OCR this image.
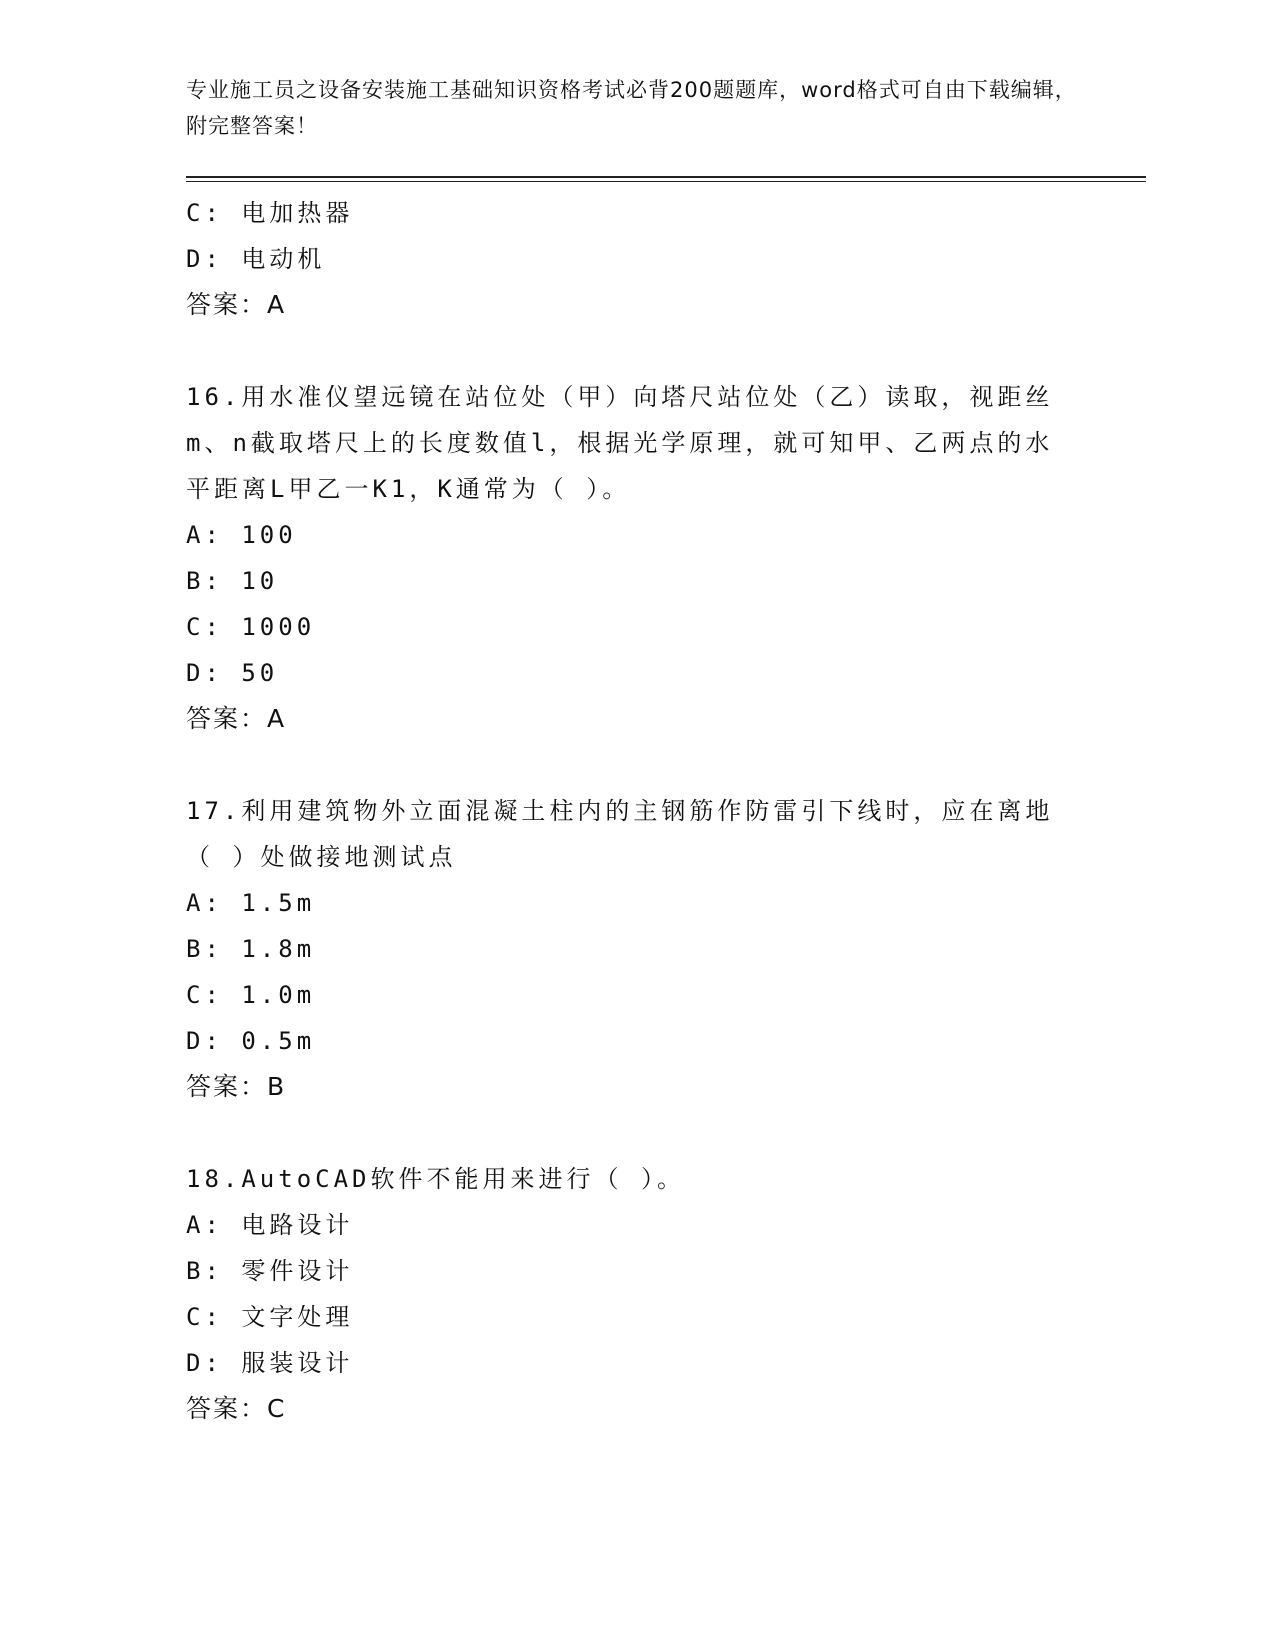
专业施工员之设备安装施工基础知识资格考试必背200题题库，word格式可自由下载编辑，附完整答案！

C: 电加热器

D: 电动机

答案：A

16.用水准仪望远镜在站位处（甲）向塔尺站位处（乙）读取，视距丝m、n截取塔尺上的长度数值l，根据光学原理，就可知甲、乙两点的水平距离L甲乙一K1，K通常为（ ）。

A: 100

B: 10

C: 1000

D: 50

答案：A

17.利用建筑物外立面混凝土柱内的主钢筋作防雷引下线时，应在离地（ ）处做接地测试点

A: 1.5m

B: 1.8m

C: 1.0m

D: 0.5m

答案：B

18.AutoCAD软件不能用来进行（ ）。

A: 电路设计

B: 零件设计

C: 文字处理

D: 服装设计

答案：C
